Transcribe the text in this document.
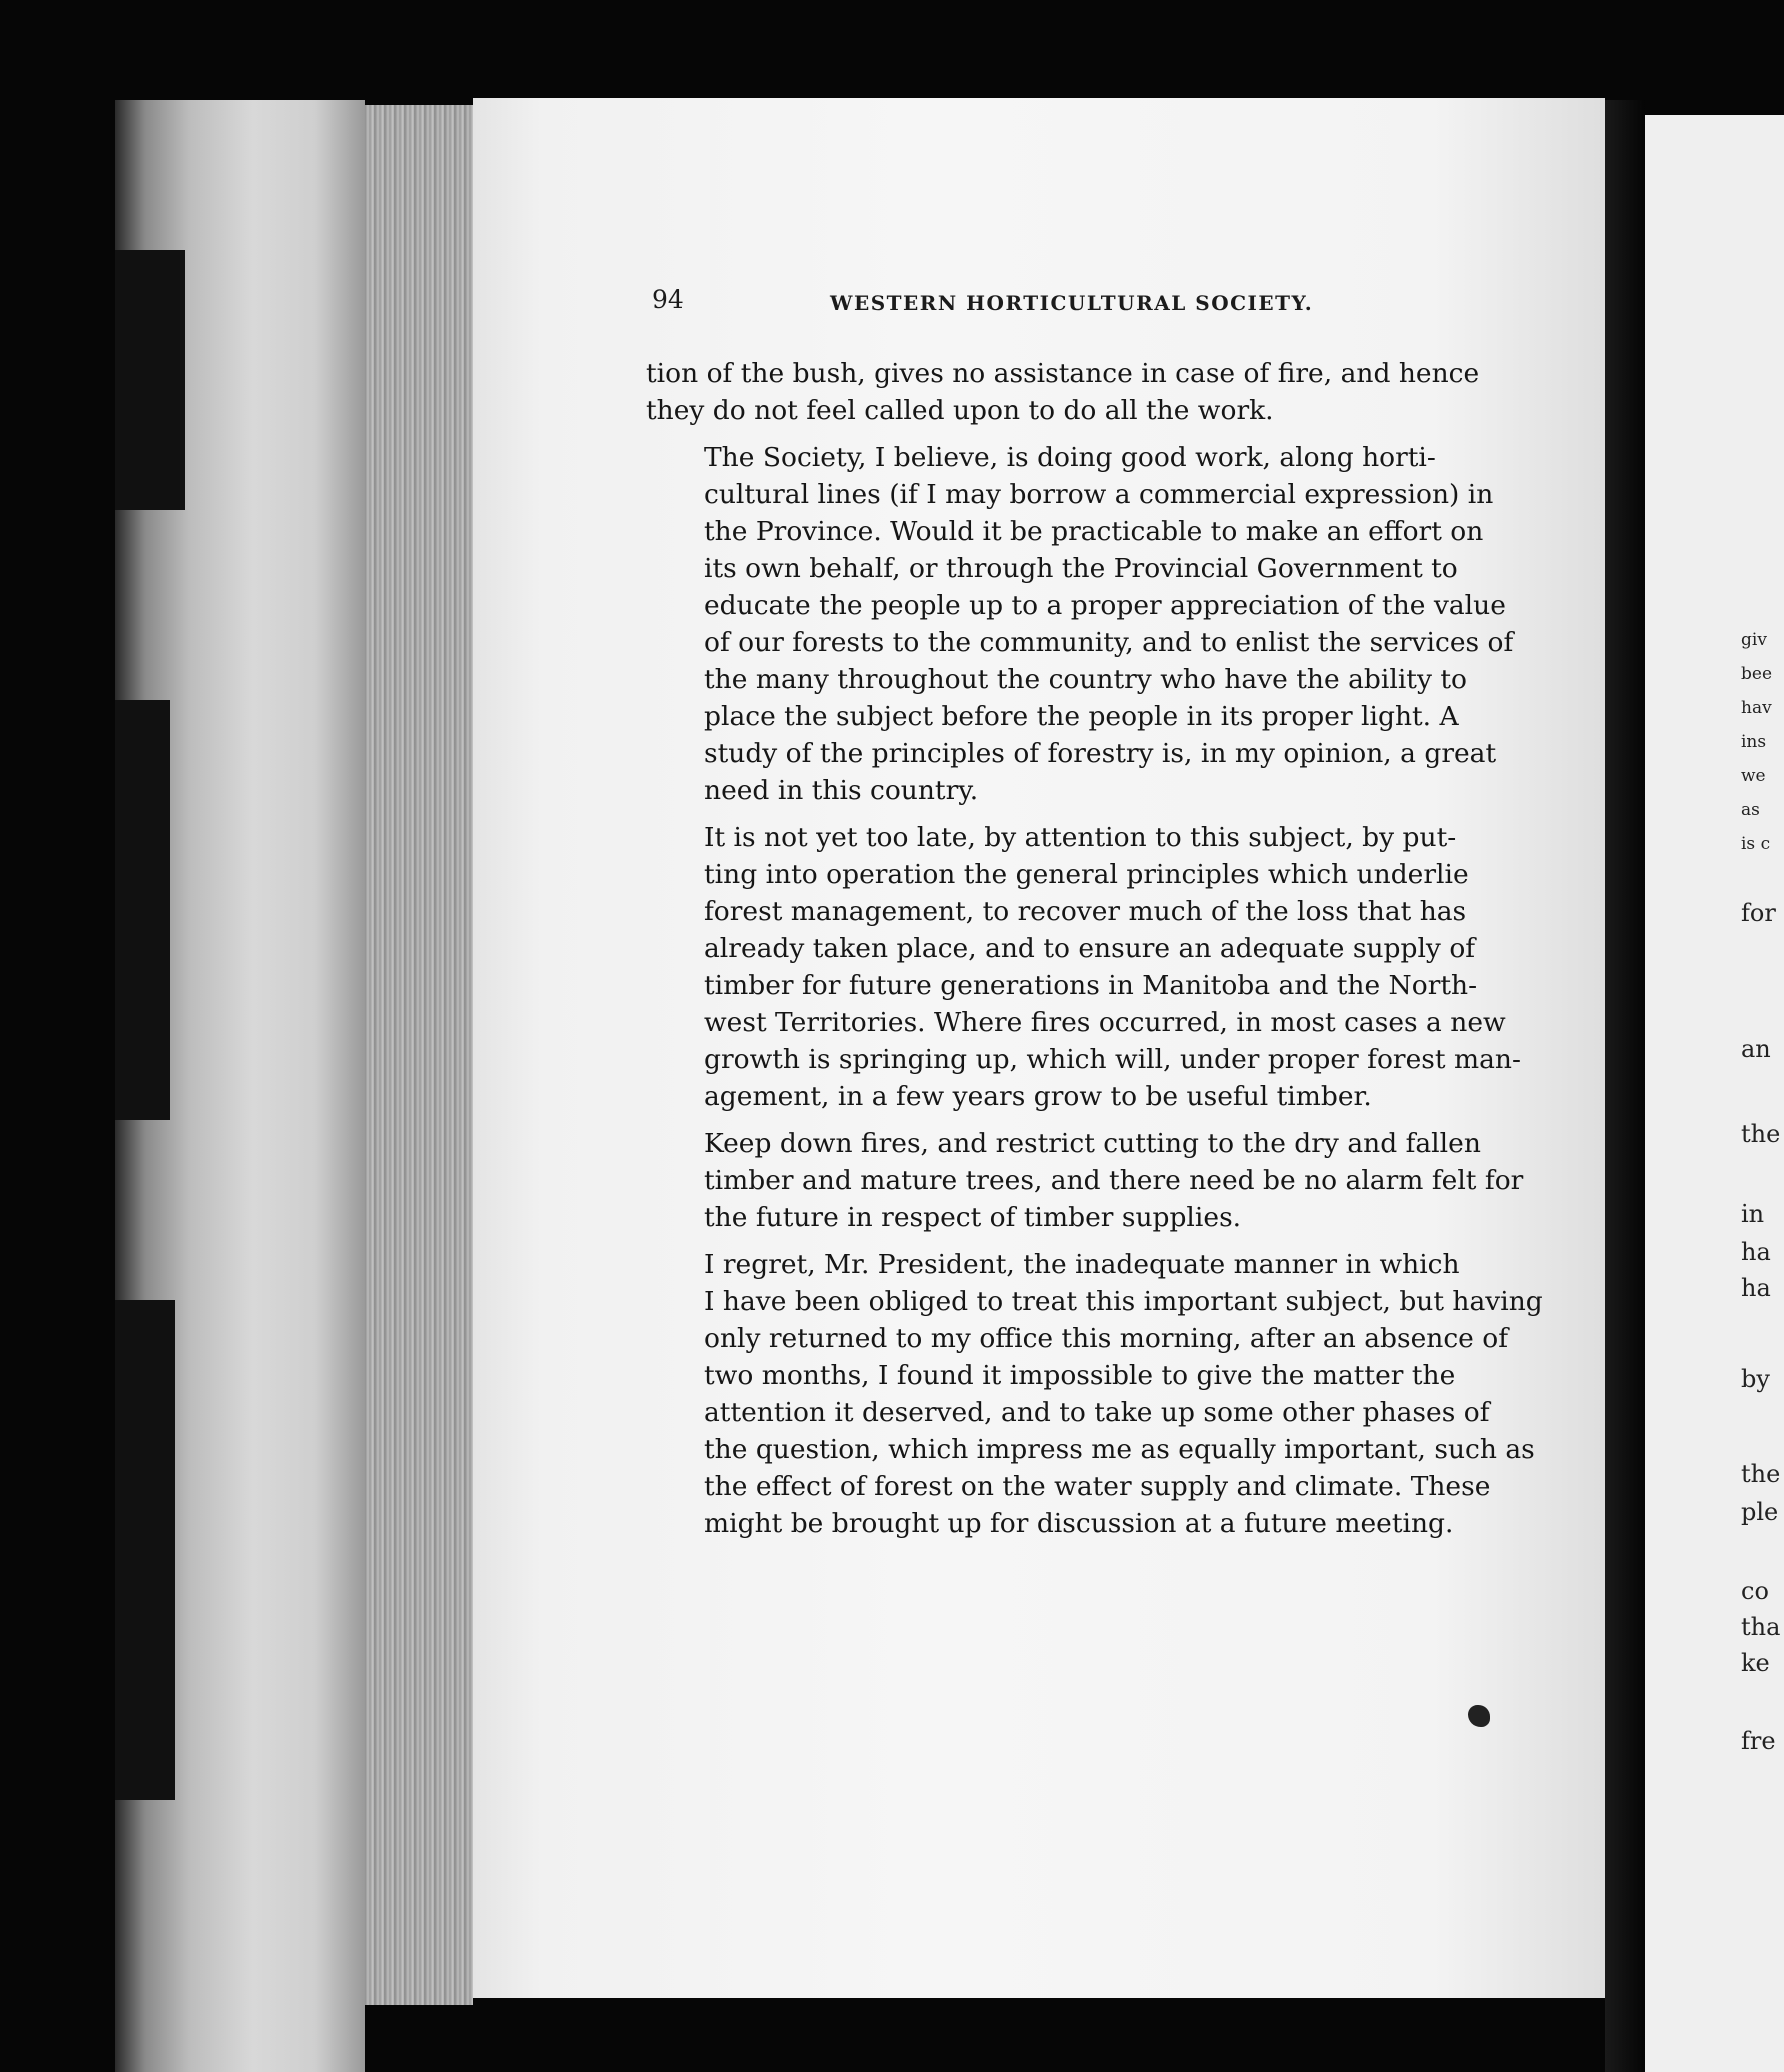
94	WESTERN HORTICULTURAL SOCIETY.

tion of the bush, gives no assistance in case of fire, and hence
they do not feel called upon to do all the work.

The Society, I believe, is doing good work, along horti-
cultural lines (if I may borrow a commercial expression) in
the Province. Would it be practicable to make an effort on
its own behalf, or through the Provincial Government to
educate the people up to a proper appreciation of the value
of our forests to the community, and to enlist the services of
the many throughout the country who have the ability to
place the subject before the people in its proper light. A
study of the principles of forestry is, in my opinion, a great
need in this country.

It is not yet too late, by attention to this subject, by put-
ting into operation the general principles which underlie
forest management, to recover much of the loss that has
already taken place, and to ensure an adequate supply of
timber for future generations in Manitoba and the North-
west Territories. Where fires occurred, in most cases a new
growth is springing up, which will, under proper forest man-
agement, in a few years grow to be useful timber.

Keep down fires, and restrict cutting to the dry and fallen
timber and mature trees, and there need be no alarm felt for
the future in respect of timber supplies.

I regret, Mr. President, the inadequate manner in which
I have been obliged to treat this important subject, but having
only returned to my office this morning, after an absence of
two months, I found it impossible to give the matter the
attention it deserved, and to take up some other phases of
the question, which impress me as equally important, such as
the effect of forest on the water supply and climate. These
might be brought up for discussion at a future meeting.

giv
bee
hav
ins
we
as
is c
for
an
the
in
ha
ha
by
the
ple
co
tha
ke
fre
